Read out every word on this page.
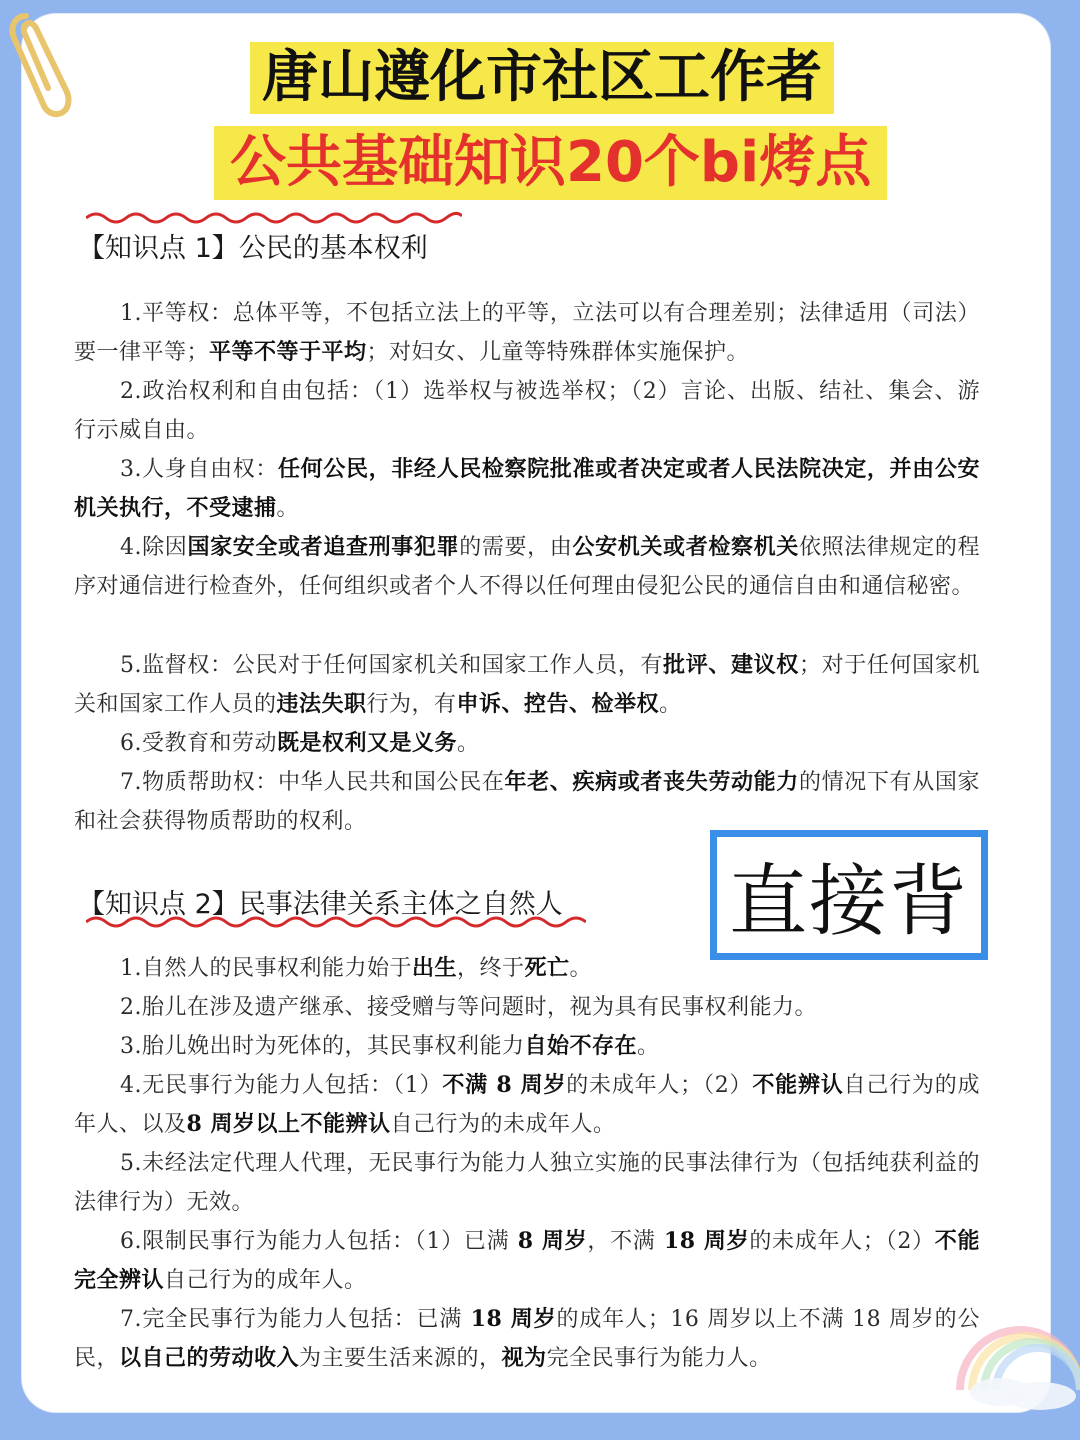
唐山遵化市社区工作者
公共基础知识20个bi烤点
【知识点 1】公民的基本权利
1.平等权：总体平等，不包括立法上的平等，立法可以有合理差别；法律适用（司法）要一律平等；平等不等于平均；对妇女、儿童等特殊群体实施保护。
2.政治权利和自由包括：（1）选举权与被选举权；（2）言论、出版、结社、集会、游行示威自由。
3.人身自由权：任何公民，非经人民检察院批准或者决定或者人民法院决定，并由公安机关执行，不受逮捕。
4.除因国家安全或者追查刑事犯罪的需要，由公安机关或者检察机关依照法律规定的程序对通信进行检查外，任何组织或者个人不得以任何理由侵犯公民的通信自由和通信秘密。
5.监督权：公民对于任何国家机关和国家工作人员，有批评、建议权；对于任何国家机关和国家工作人员的违法失职行为，有申诉、控告、检举权。
6.受教育和劳动既是权利又是义务。
7.物质帮助权：中华人民共和国公民在年老、疾病或者丧失劳动能力的情况下有从国家和社会获得物质帮助的权利。
【知识点 2】民事法律关系主体之自然人 直接背
1.自然人的民事权利能力始于出生，终于死亡。
2.胎儿在涉及遗产继承、接受赠与等问题时，视为具有民事权利能力。
3.胎儿娩出时为死体的，其民事权利能力自始不存在。
4.无民事行为能力人包括：（1）不满 8 周岁的未成年人；（2）不能辨认自己行为的成年人、以及8 周岁以上不能辨认自己行为的未成年人。
5.未经法定代理人代理，无民事行为能力人独立实施的民事法律行为（包括纯获利益的法律行为）无效。
6.限制民事行为能力人包括：（1）已满 8 周岁，不满 18 周岁的未成年人；（2）不能完全辨认自己行为的成年人。
7.完全民事行为能力人包括：已满 18 周岁的成年人；16 周岁以上不满 18 周岁的公民，以自己的劳动收入为主要生活来源的，视为完全民事行为能力人。
